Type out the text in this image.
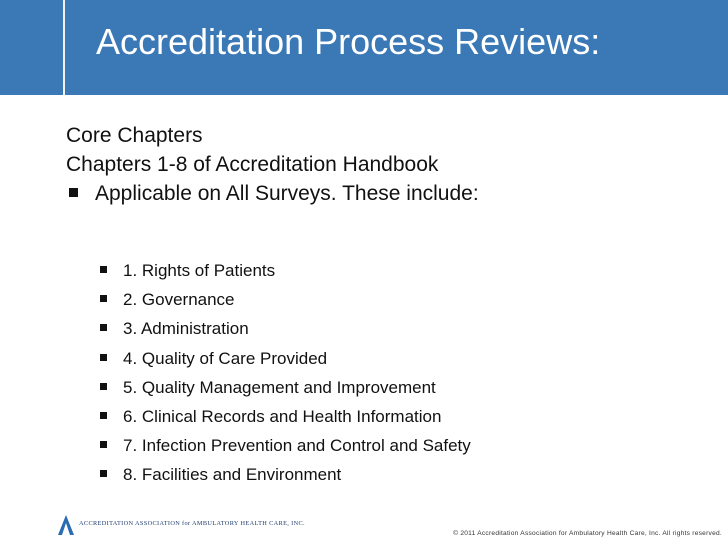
Accreditation Process Reviews:
Core Chapters
Chapters 1-8 of Accreditation Handbook
Applicable on All Surveys. These include:
1. Rights of Patients
2. Governance
3. Administration
4. Quality of Care Provided
5. Quality Management and Improvement
6. Clinical Records and Health Information
7. Infection Prevention and Control and Safety
8. Facilities and Environment
ACCREDITATION ASSOCIATION for AMBULATORY HEALTH CARE, INC.
© 2011 Accreditation Association for Ambulatory Health Care, Inc. All rights reserved.
